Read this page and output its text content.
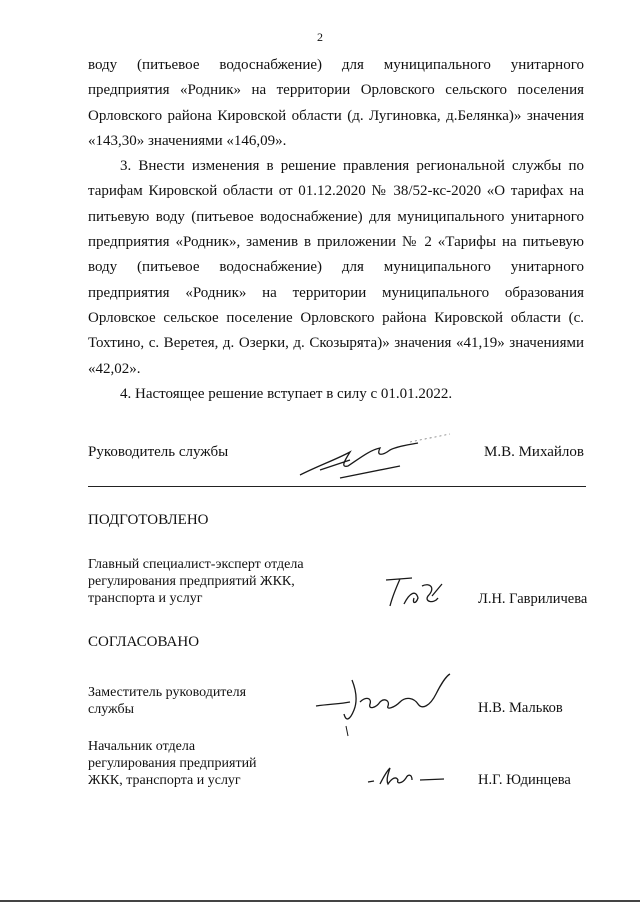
2

воду (питьевое водоснабжение) для муниципального унитарного предприятия «Родник» на территории Орловского сельского поселения Орловского района Кировской области (д. Лугиновка, д.Белянка)» значения «143,30» значениями «146,09».

3. Внести изменения в решение правления региональной службы по тарифам Кировской области от 01.12.2020 № 38/52-кс-2020 «О тарифах на питьевую воду (питьевое водоснабжение) для муниципального унитарного предприятия «Родник», заменив в приложении № 2 «Тарифы на питьевую воду (питьевое водоснабжение) для муниципального унитарного предприятия «Родник» на территории муниципального образования Орловское сельское поселение Орловского района Кировской области (с. Тохтино, с. Веретея, д. Озерки, д. Скозырята)» значения «41,19» значениями «42,02».

4. Настоящее решение вступает в силу с 01.01.2022.

Руководитель службы	М.В. Михайлов
ПОДГОТОВЛЕНО
Главный специалист-эксперт отдела
регулирования предприятий ЖКК,
транспорта и услуг	Л.Н. Гавриличева
СОГЛАСОВАНО
Заместитель руководителя
службы	Н.В. Мальков
Начальник отдела
регулирования предприятий
ЖКК, транспорта и услуг	Н.Г. Юдинцева
